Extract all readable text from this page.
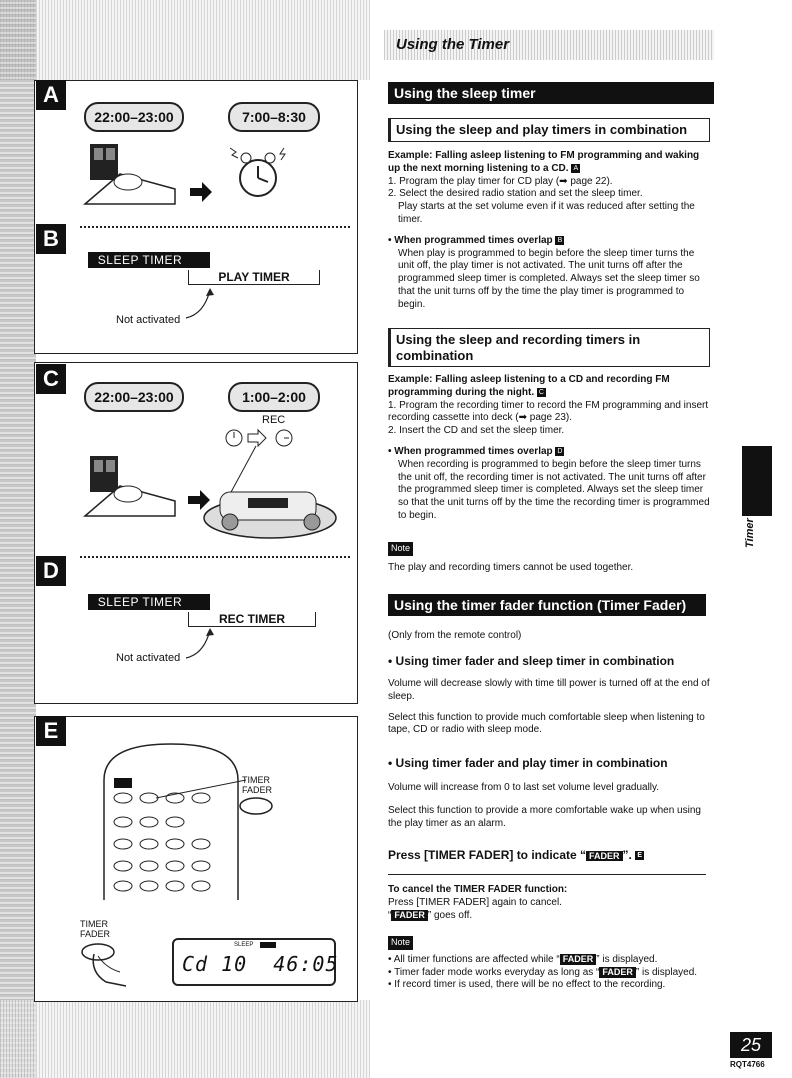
A
22:00–23:00	7:00–8:30
B
SLEEP TIMER
PLAY TIMER
Not activated
C
22:00–23:00	1:00–2:00
REC
D
SLEEP TIMER
REC TIMER
Not activated
E
TIMER FADER
TIMER FADER
SLEEP
Cd 10  46:05
Using the Timer
Using the sleep timer
Using the sleep and play timers in combination
Example: Falling asleep listening to FM programming and waking up the next morning listening to a CD. A
1. Program the play timer for CD play (➡ page 22).
2. Select the desired radio station and set the sleep timer.
Play starts at the set volume even if it was reduced after setting the timer.
• When programmed times overlap B
When play is programmed to begin before the sleep timer turns the unit off, the play timer is not activated. The unit turns off after the programmed sleep timer is completed. Always set the sleep timer so that the unit turns off by the time the play timer is programmed to begin.
Using the sleep and recording timers in combination
Example: Falling asleep listening to a CD and recording FM programming during the night. C
1. Program the recording timer to record the FM programming and insert recording cassette into deck (➡ page 23).
2. Insert the CD and set the sleep timer.
• When programmed times overlap D
When recording is programmed to begin before the sleep timer turns the unit off, the recording timer is not activated. The unit turns off after the programmed sleep timer is completed. Always set the sleep timer so that the unit turns off by the time the recording timer is programmed to begin.
Note
The play and recording timers cannot be used together.
Using the timer fader function (Timer Fader)
(Only from the remote control)
• Using timer fader and sleep timer in combination
Volume will decrease slowly with time till power is turned off at the end of sleep.
Select this function to provide much comfortable sleep when listening to tape, CD or radio with sleep mode.
• Using timer fader and play timer in combination
Volume will increase from 0 to last set volume level gradually.
Select this function to provide a more comfortable wake up when using the play timer as an alarm.
Press [TIMER FADER] to indicate “ FADER ”. E
To cancel the TIMER FADER function:
Press [TIMER FADER] again to cancel.
“ FADER ” goes off.
Note
• All timer functions are affected while “ FADER ” is displayed.
• Timer fader mode works everyday as long as “ FADER ” is displayed.
• If record timer is used, there will be no effect to the recording.
Timer
25
RQT4766
